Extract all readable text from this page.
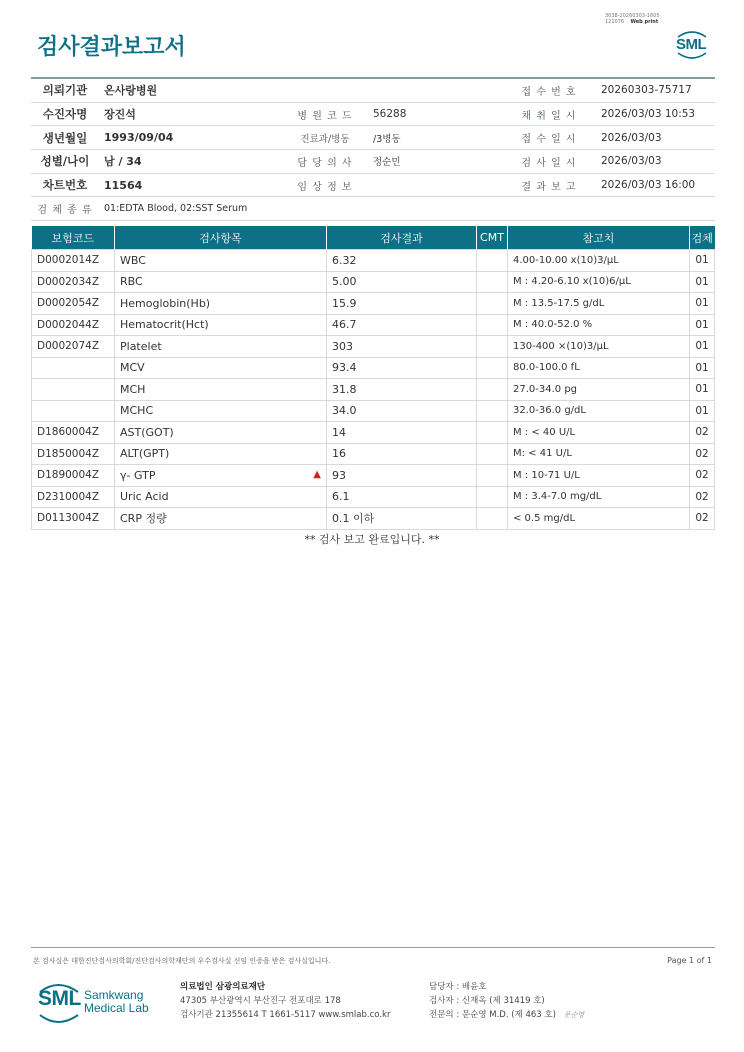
검사결과보고서
3038-20260303-1605
121076 Web print
SML
의뢰기관	온사랑병원			접 수 번 호	20260303-75717
수진자명	장진석	병 원 코 드	56288	채 취 일 시	2026/03/03 10:53
생년월일	1993/09/04	진료과/병동	/3병동	접 수 일 시	2026/03/03
성별/나이	남 / 34	담 당 의 사	정순민	검 사 일 시	2026/03/03
차트번호	11564	임 상 정 보		결 과 보 고	2026/03/03 16:00
검 체 종 류	01:EDTA Blood, 02:SST Serum				
보험코드	검사항목	검사결과	CMT	참고치	검체
D0002014Z	WBC	6.32		4.00-10.00 x(10)3/μL	01
D0002034Z	RBC	5.00		M : 4.20-6.10 x(10)6/μL	01
D0002054Z	Hemoglobin(Hb)	15.9		M : 13.5-17.5 g/dL	01
D0002044Z	Hematocrit(Hct)	46.7		M : 40.0-52.0 %	01
D0002074Z	Platelet	303		130-400 ×(10)3/μL	01
	MCV	93.4		80.0-100.0 fL	01
	MCH	31.8		27.0-34.0 pg	01
	MCHC	34.0		32.0-36.0 g/dL	01
D1860004Z	AST(GOT)	14		M : < 40 U/L	02
D1850004Z	ALT(GPT)	16		M: < 41 U/L	02
D1890004Z	γ- GTP ▲	93		M : 10-71 U/L	02
D2310004Z	Uric Acid	6.1		M : 3.4-7.0 mg/dL	02
D0113004Z	CRP 정량	0.1 이하		< 0.5 mg/dL	02
** 검사 보고 완료입니다. **
본 검사실은 대한진단검사의학회/진단검사의학재단의 우수검사실 신임 인증을 받은 검사실입니다.	Page 1 of 1
SML Samkwang
Medical Lab
의료법인 삼광의료재단
47305 부산광역시 부산진구 전포대로 178
검사기관 21355614 T 1661-5117 www.smlab.co.kr
담당자 : 배윤호
검사자 : 신재옥 (제 31419 호)
전문의 : 문순영 M.D. (제 463 호) 문순영
